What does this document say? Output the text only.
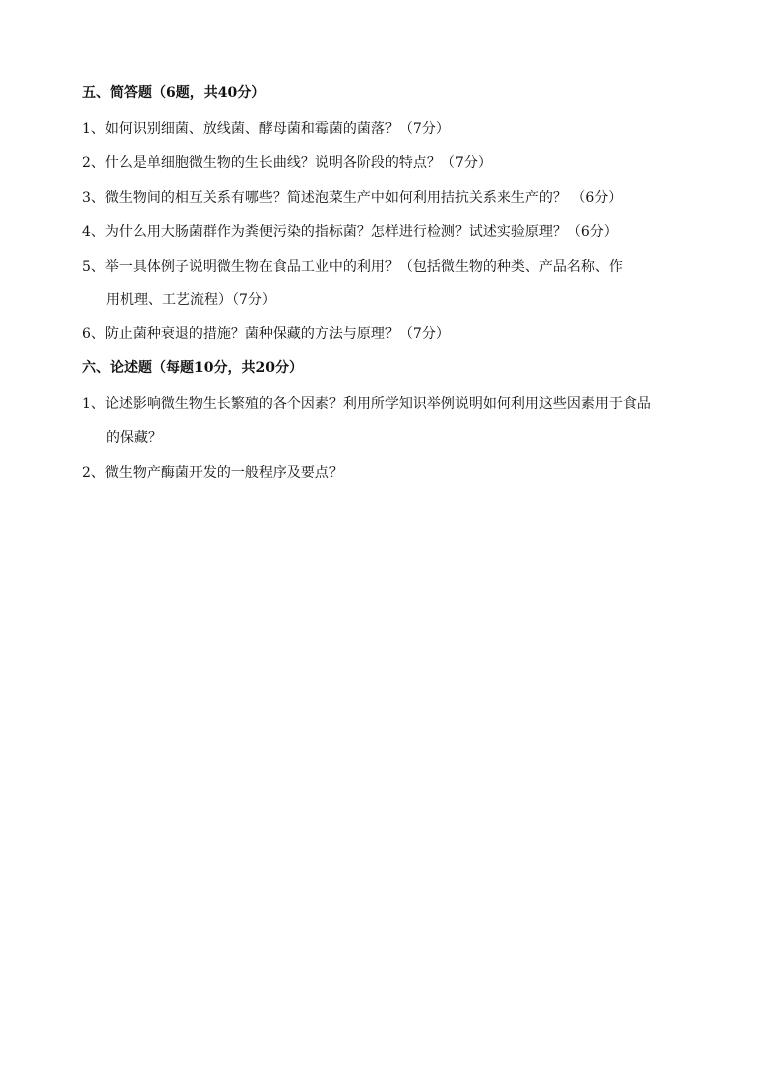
五、简答题（6题，共40分）
1、如何识别细菌、放线菌、酵母菌和霉菌的菌落？（7分）
2、什么是单细胞微生物的生长曲线？说明各阶段的特点？（7分）
3、微生物间的相互关系有哪些？简述泡菜生产中如何利用拮抗关系来生产的？ （6分）
4、为什么用大肠菌群作为粪便污染的指标菌？怎样进行检测？试述实验原理？（6分）
5、举一具体例子说明微生物在食品工业中的利用？（包括微生物的种类、产品名称、作
用机理、工艺流程）（7分）
6、防止菌种衰退的措施？菌种保藏的方法与原理？（7分）
六、论述题（每题10分，共20分）
1、论述影响微生物生长繁殖的各个因素？利用所学知识举例说明如何利用这些因素用于食品
的保藏？
2、微生物产酶菌开发的一般程序及要点？
